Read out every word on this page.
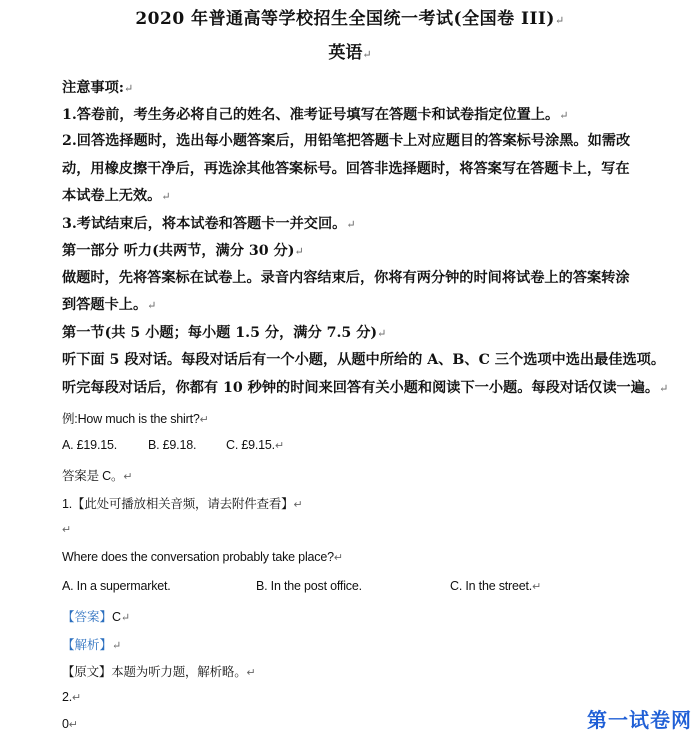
2020 年普通高等学校招生全国统一考试(全国卷 III)↵
英语↵
注意事项:↵
1.答卷前，考生务必将自己的姓名、准考证号填写在答题卡和试卷指定位置上。↵
2.回答选择题时，选出每小题答案后，用铅笔把答题卡上对应题目的答案标号涂黑。如需改
动，用橡皮擦干净后，再选涂其他答案标号。回答非选择题时，将答案写在答题卡上，写在
本试卷上无效。↵
3.考试结束后，将本试卷和答题卡一并交回。↵
第一部分 听力(共两节，满分 30 分)↵
做题时，先将答案标在试卷上。录音内容结束后，你将有两分钟的时间将试卷上的答案转涂
到答题卡上。↵
第一节(共 5 小题；每小题 1.5 分，满分 7.5 分)↵
听下面 5 段对话。每段对话后有一个小题，从题中所给的 A、B、C 三个选项中选出最佳选项。
听完每段对话后，你都有 10 秒钟的时间来回答有关小题和阅读下一小题。每段对话仅读一遍。↵
例:How much is the shirt?↵
A. £19.15. B. £9.18. C. £9.15.↵
答案是 C。↵
1.【此处可播放相关音频，请去附件查看】↵
↵
Where does the conversation probably take place?↵
A. In a supermarket.	B. In the post office.	C. In the street.↵
【答案】C↵
【解析】↵
【原文】本题为听力题，解析略。↵
2.↵
0↵	第一试卷网
